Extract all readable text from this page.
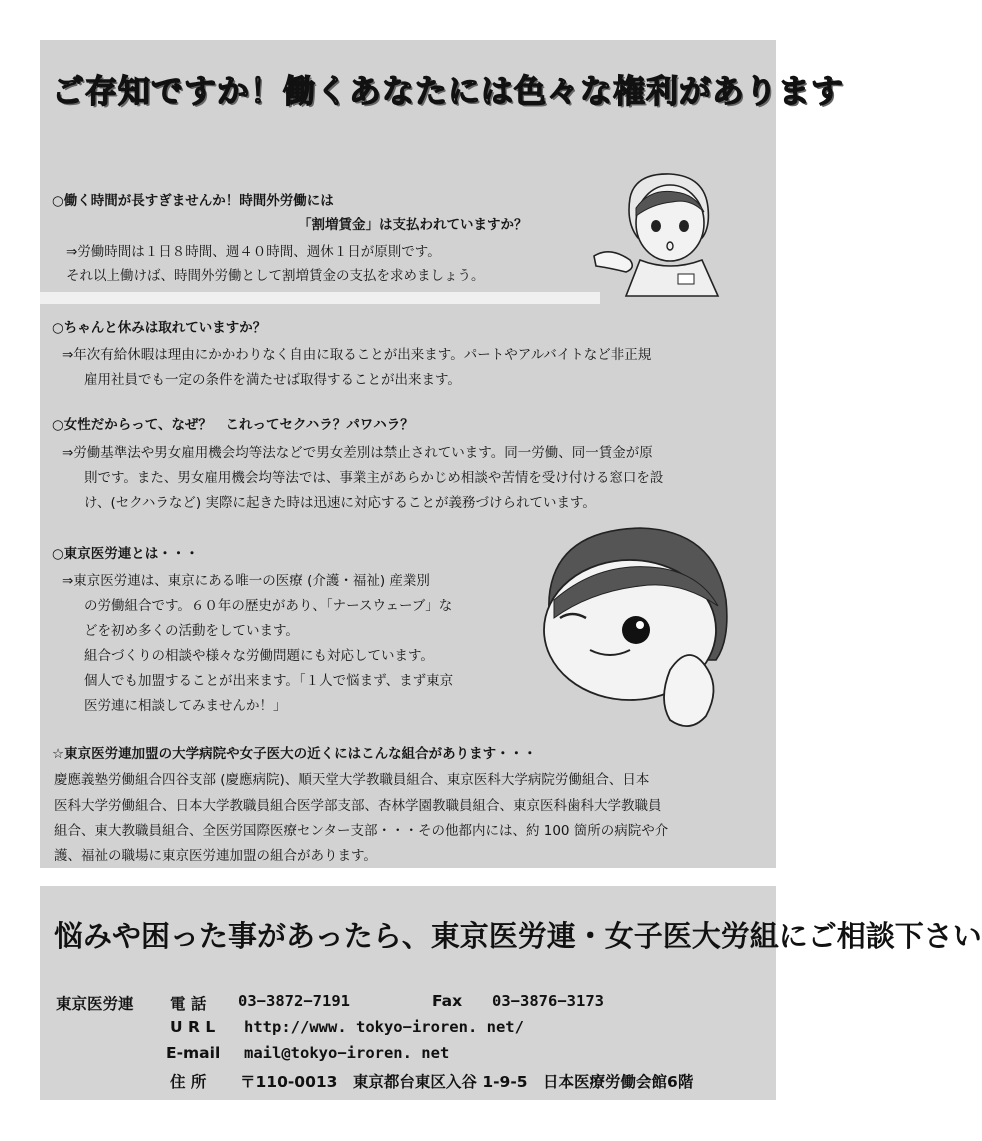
ご存知ですか！働くあなたには色々な権利があります
○働く時間が長すぎませんか！時間外労働には
「割増賃金」は支払われていますか？
⇒労働時間は１日８時間、週４０時間、週休１日が原則です。
それ以上働けば、時間外労働として割増賃金の支払を求めましょう。
○ちゃんと休みは取れていますか？
⇒年次有給休暇は理由にかかわりなく自由に取ることが出来ます。パートやアルバイトなど非正規
雇用社員でも一定の条件を満たせば取得することが出来ます。
○女性だからって、なぜ？　これってセクハラ？パワハラ？
⇒労働基準法や男女雇用機会均等法などで男女差別は禁止されています。同一労働、同一賃金が原
則です。また、男女雇用機会均等法では、事業主があらかじめ相談や苦情を受け付ける窓口を設
け、(セクハラなど) 実際に起きた時は迅速に対応することが義務づけられています。
○東京医労連とは・・・
⇒東京医労連は、東京にある唯一の医療 (介護・福祉) 産業別
の労働組合です。６０年の歴史があり、「ナースウェーブ」な
どを初め多くの活動をしています。
組合づくりの相談や様々な労働問題にも対応しています。
個人でも加盟することが出来ます。「１人で悩まず、まず東京
医労連に相談してみませんか！」
☆東京医労連加盟の大学病院や女子医大の近くにはこんな組合があります・・・
慶應義塾労働組合四谷支部 (慶應病院)、順天堂大学教職員組合、東京医科大学病院労働組合、日本
医科大学労働組合、日本大学教職員組合医学部支部、杏林学園教職員組合、東京医科歯科大学教職員
組合、東大教職員組合、全医労国際医療センター支部・・・その他都内には、約 100 箇所の病院や介
護、福祉の職場に東京医労連加盟の組合があります。
悩みや困った事があったら、東京医労連・女子医大労組にご相談下さい
東京医労連 電 話 03−3872−7191	Fax 03−3876−3173
U R L http://www. tokyo−iroren. net/
E-mail mail@tokyo−iroren. net
住 所 〒110-0013　東京都台東区入谷 1-9-5　日本医療労働会館6階
